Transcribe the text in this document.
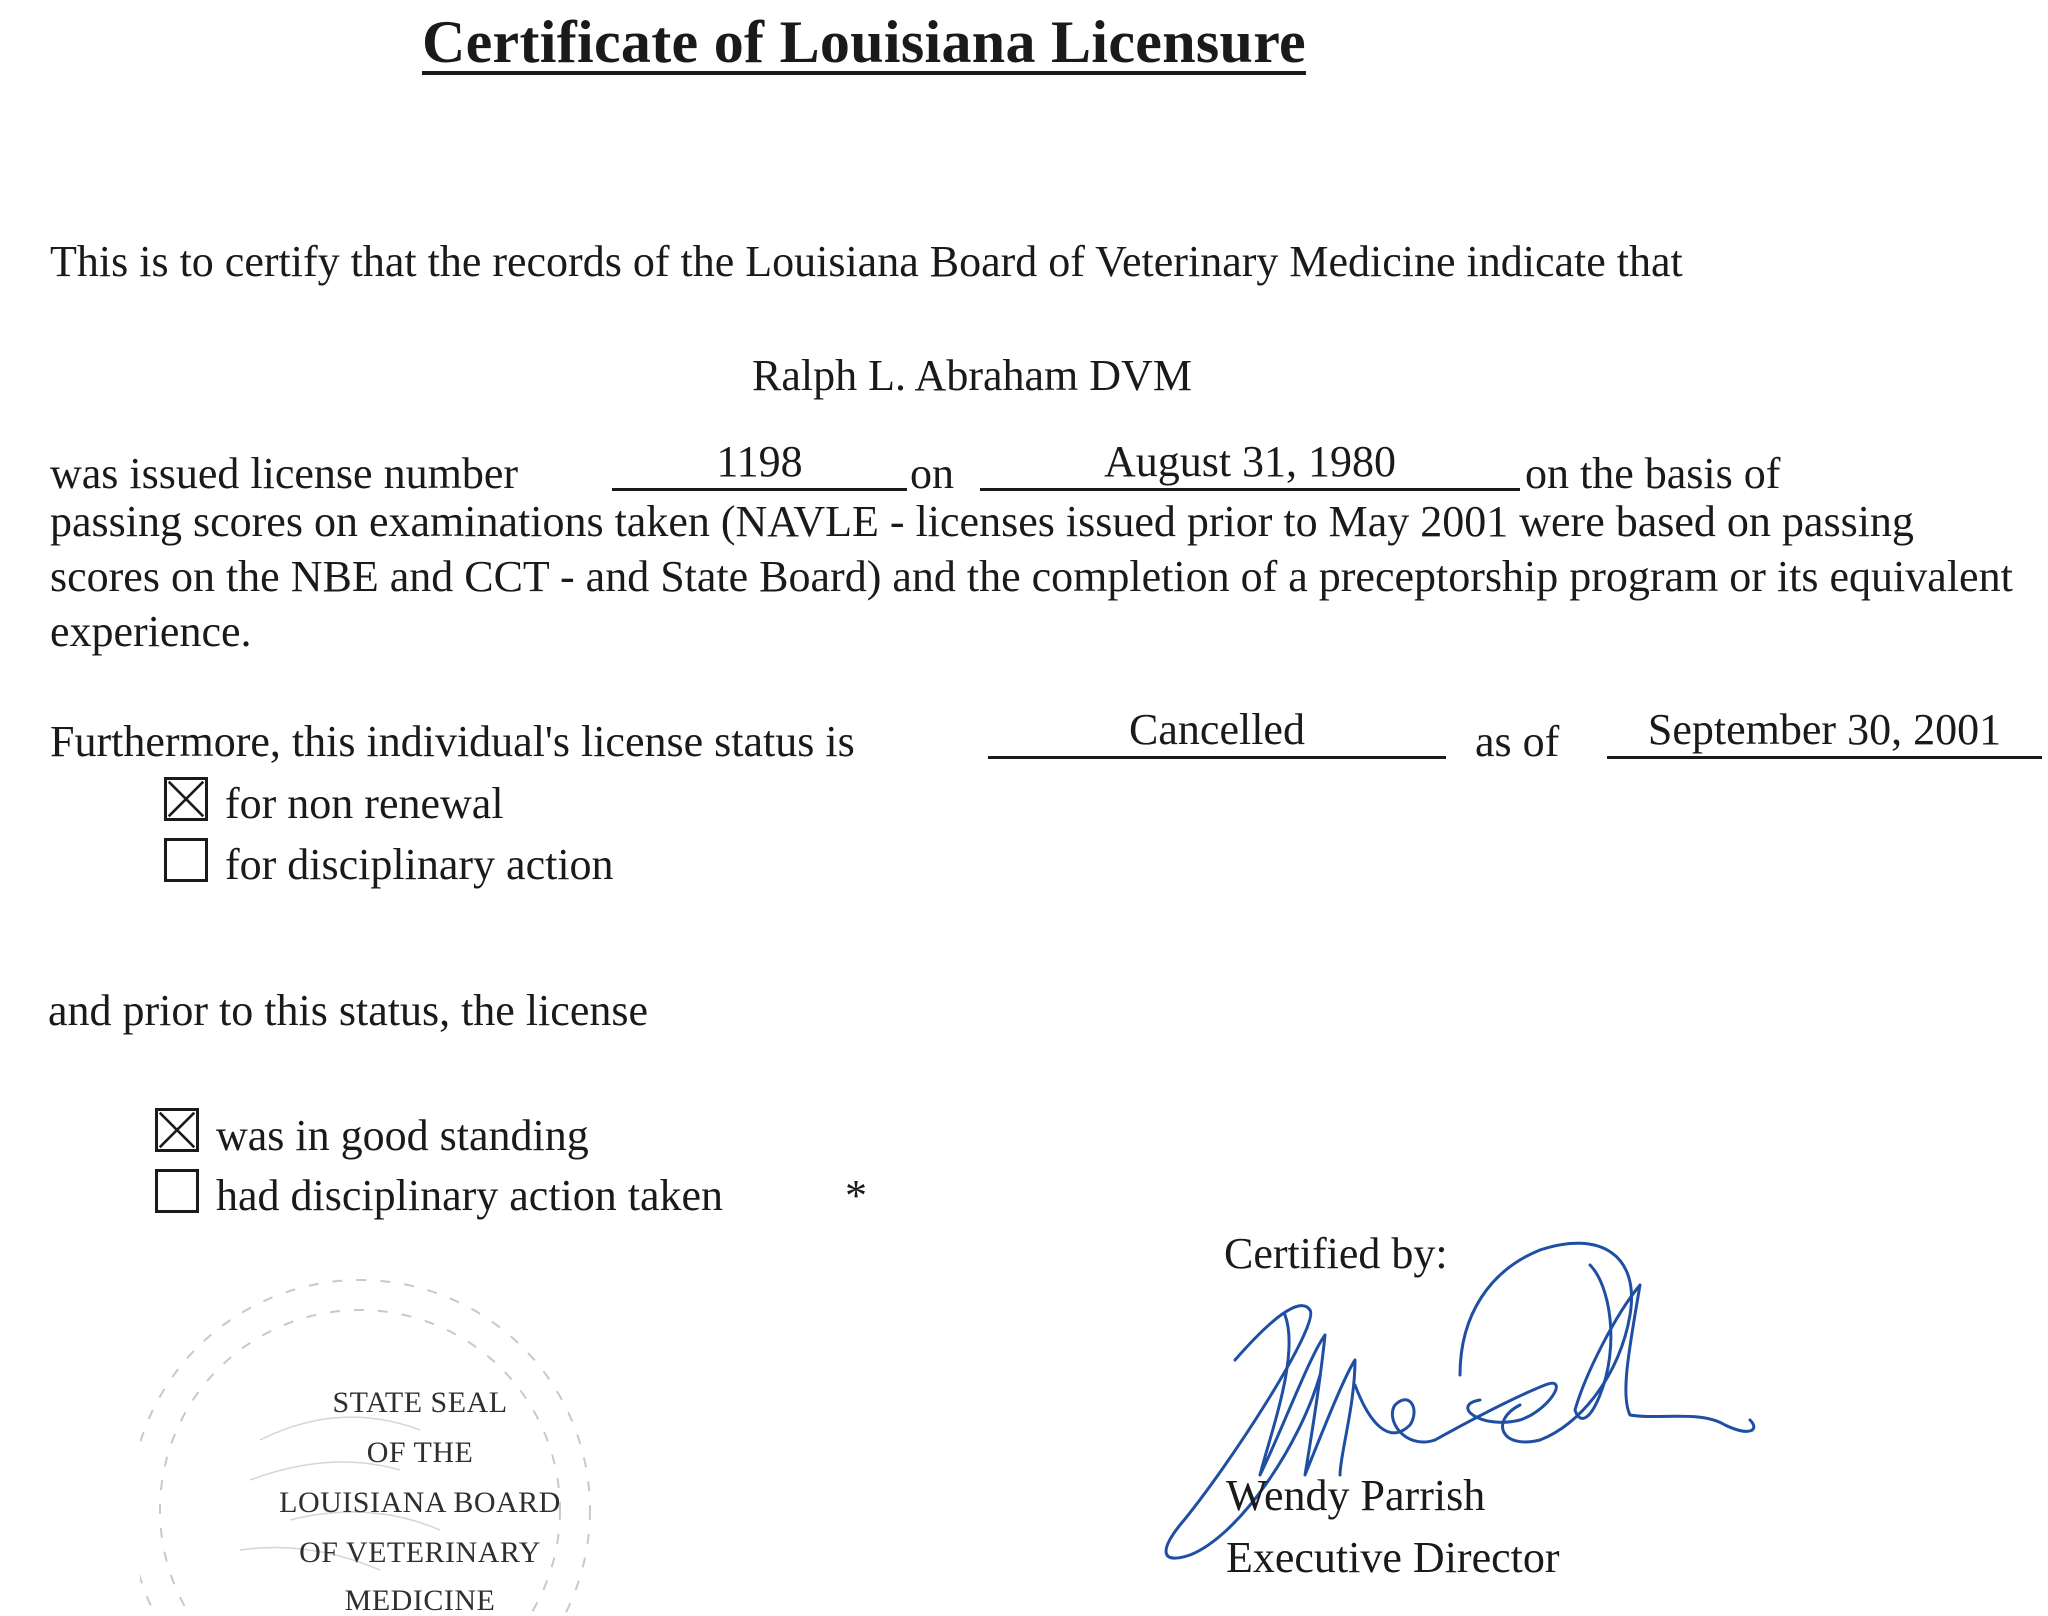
Certificate of Louisiana Licensure
This is to certify that the records of the Louisiana Board of Veterinary Medicine indicate that
Ralph L. Abraham DVM
was issued license number	1198	on	August 31, 1980	on the basis of
passing scores on examinations taken (NAVLE - licenses issued prior to May 2001 were based on passing scores on the NBE and CCT - and State Board) and the completion of a preceptorship program or its equivalent experience.
Furthermore, this individual's license status is	Cancelled	as of	September 30, 2001
for non renewal
for disciplinary action
and prior to this status, the license
was in good standing
had disciplinary action taken	*
STATE SEAL
OF THE
LOUISIANA BOARD
OF VETERINARY
MEDICINE
Certified by:
Wendy Parrish
Executive Director
